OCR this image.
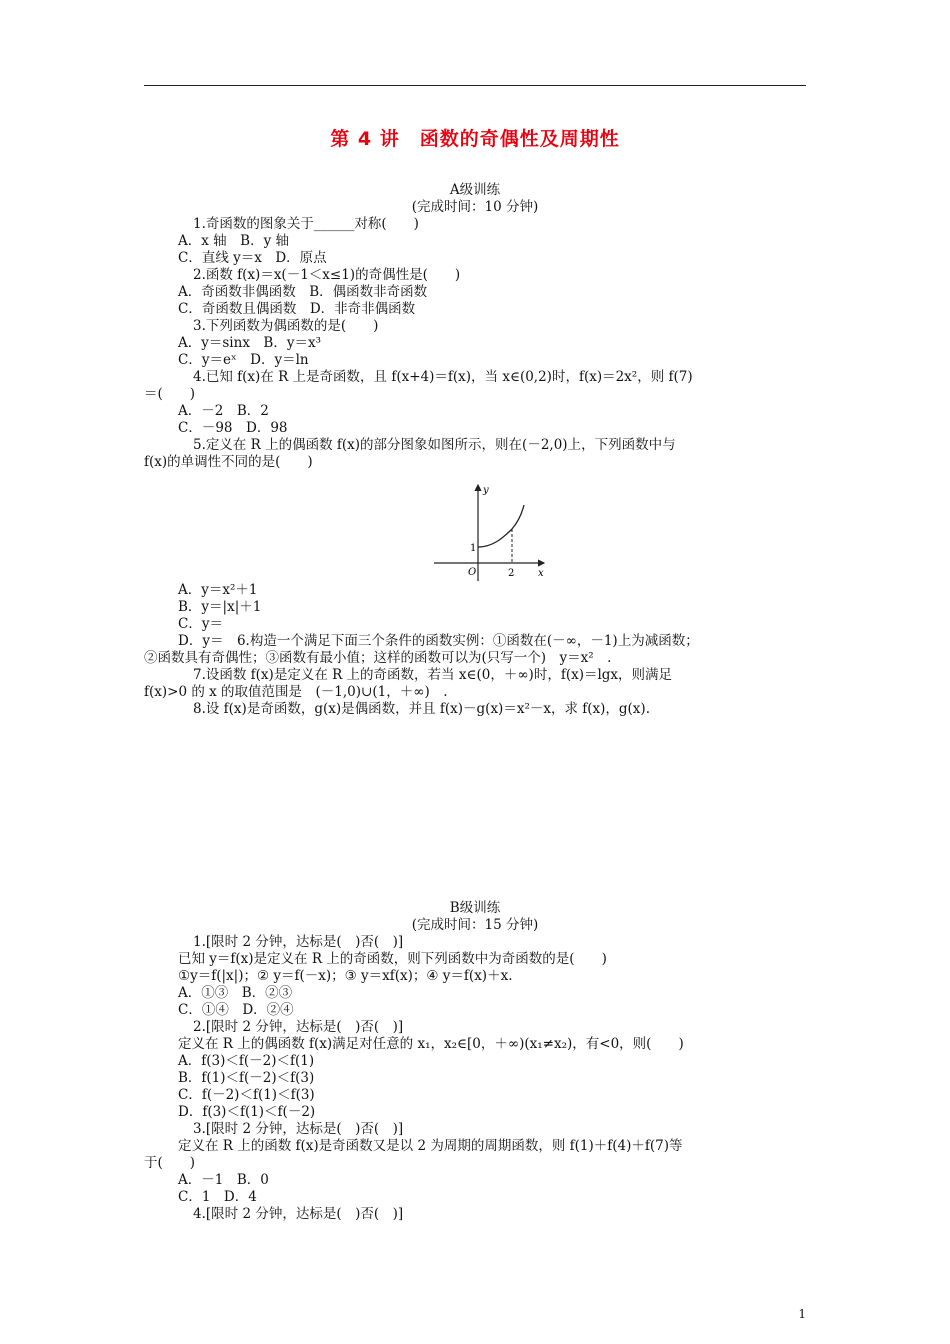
第 4 讲　函数的奇偶性及周期性
A级训练
(完成时间：10 分钟)
1.奇函数的图象关于______对称(　　)
A．x 轴　B．y 轴
C．直线 y＝x　D．原点
2.函数 f(x)＝x(－1＜x≤1)的奇偶性是(　　)
A．奇函数非偶函数　B．偶函数非奇函数
C．奇函数且偶函数　D．非奇非偶函数
3.下列函数为偶函数的是(　　)
A．y＝sinx　B．y＝x³
C．y＝eˣ　D．y＝ln
4.已知 f(x)在 R 上是奇函数，且 f(x+4)＝f(x)，当 x∈(0,2)时，f(x)＝2x²，则 f(7)
＝(　　)
A．－2　B．2
C．－98　D．98
5.定义在 R 上的偶函数 f(x)的部分图象如图所示，则在(－2,0)上，下列函数中与
f(x)的单调性不同的是(　　)
y
x
O
1
2
A．y＝x²＋1
B．y＝|x|＋1
C．y＝
D．y＝　6.构造一个满足下面三个条件的函数实例：①函数在(－∞，－1)上为减函数；
②函数具有奇偶性；③函数有最小值；这样的函数可以为(只写一个)　y＝x²　.
7.设函数 f(x)是定义在 R 上的奇函数，若当 x∈(0，＋∞)时，f(x)＝lgx，则满足
f(x)>0 的 x 的取值范围是　(－1,0)∪(1，＋∞)　.
8.设 f(x)是奇函数，g(x)是偶函数，并且 f(x)－g(x)＝x²－x，求 f(x)，g(x).
B级训练
(完成时间：15 分钟)
1.[限时 2 分钟，达标是(　)否(　)]
已知 y＝f(x)是定义在 R 上的奇函数，则下列函数中为奇函数的是(　　)
①y＝f(|x|)；② y＝f(－x)；③ y＝xf(x)；④ y＝f(x)＋x.
A．①③　B．②③
C．①④　D．②④
2.[限时 2 分钟，达标是(　)否(　)]
定义在 R 上的偶函数 f(x)满足对任意的 x₁，x₂∈[0，＋∞)(x₁≠x₂)，有<0，则(　　)
A．f(3)＜f(－2)＜f(1)
B．f(1)＜f(－2)＜f(3)
C．f(－2)＜f(1)＜f(3)
D．f(3)＜f(1)＜f(－2)
3.[限时 2 分钟，达标是(　)否(　)]
定义在 R 上的函数 f(x)是奇函数又是以 2 为周期的周期函数，则 f(1)＋f(4)＋f(7)等
于(　　)
A．－1　B．0
C．1　D．4
4.[限时 2 分钟，达标是(　)否(　)]
1
